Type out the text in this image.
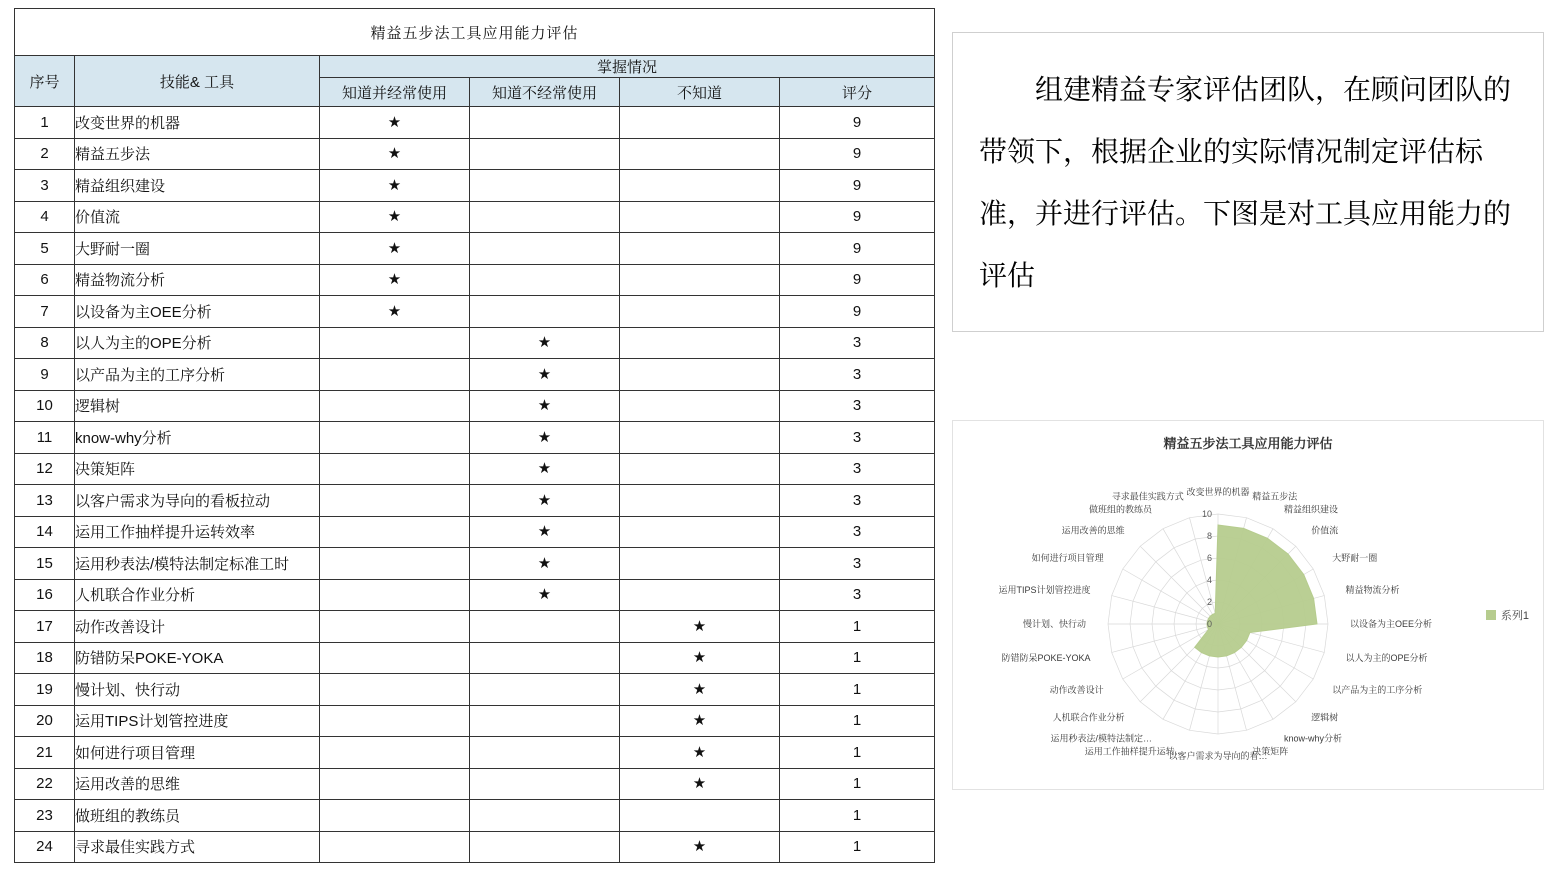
精益五步法工具应用能力评估					
序号	技能& 工具	掌握情况			
		知道并经常使用	知道不经常使用	不知道	评分
1	改变世界的机器	★			9
2	精益五步法	★			9
3	精益组织建设	★			9
4	价值流	★			9
5	大野耐一圈	★			9
6	精益物流分析	★			9
7	以设备为主OEE分析	★			9
8	以人为主的OPE分析		★		3
9	以产品为主的工序分析		★		3
10	逻辑树		★		3
11	know-why分析		★		3
12	决策矩阵		★		3
13	以客户需求为导向的看板拉动		★		3
14	运用工作抽样提升运转效率		★		3
15	运用秒表法/模特法制定标准工时		★		3
16	人机联合作业分析		★		3
17	动作改善设计			★	1
18	防错防呆POKE-YOKA			★	1
19	慢计划、快行动			★	1
20	运用TIPS计划管控进度			★	1
21	如何进行项目管理			★	1
22	运用改善的思维			★	1
23	做班组的教练员				1
24	寻求最佳实践方式			★	1

组建精益专家评估团队，在顾问团队的带领下，根据企业的实际情况制定评估标准，并进行评估。下图是对工具应用能力的评估

精益五步法工具应用能力评估
0
2
4
6
8
10
改变世界的机器 精益五步法
精益组织建设
价值流
大野耐一圈
精益物流分析
以设备为主OEE分析
以人为主的OPE分析
以产品为主的工序分析
逻辑树
know-why分析
决策矩阵
以客户需求为导向的看…
运用工作抽样提升运转…
运用秒表法/模特法制定…
人机联合作业分析
动作改善设计
防错防呆POKE-YOKA
慢计划、快行动
运用TIPS计划管控进度
如何进行项目管理
运用改善的思维
做班组的教练员
寻求最佳实践方式
系列1
